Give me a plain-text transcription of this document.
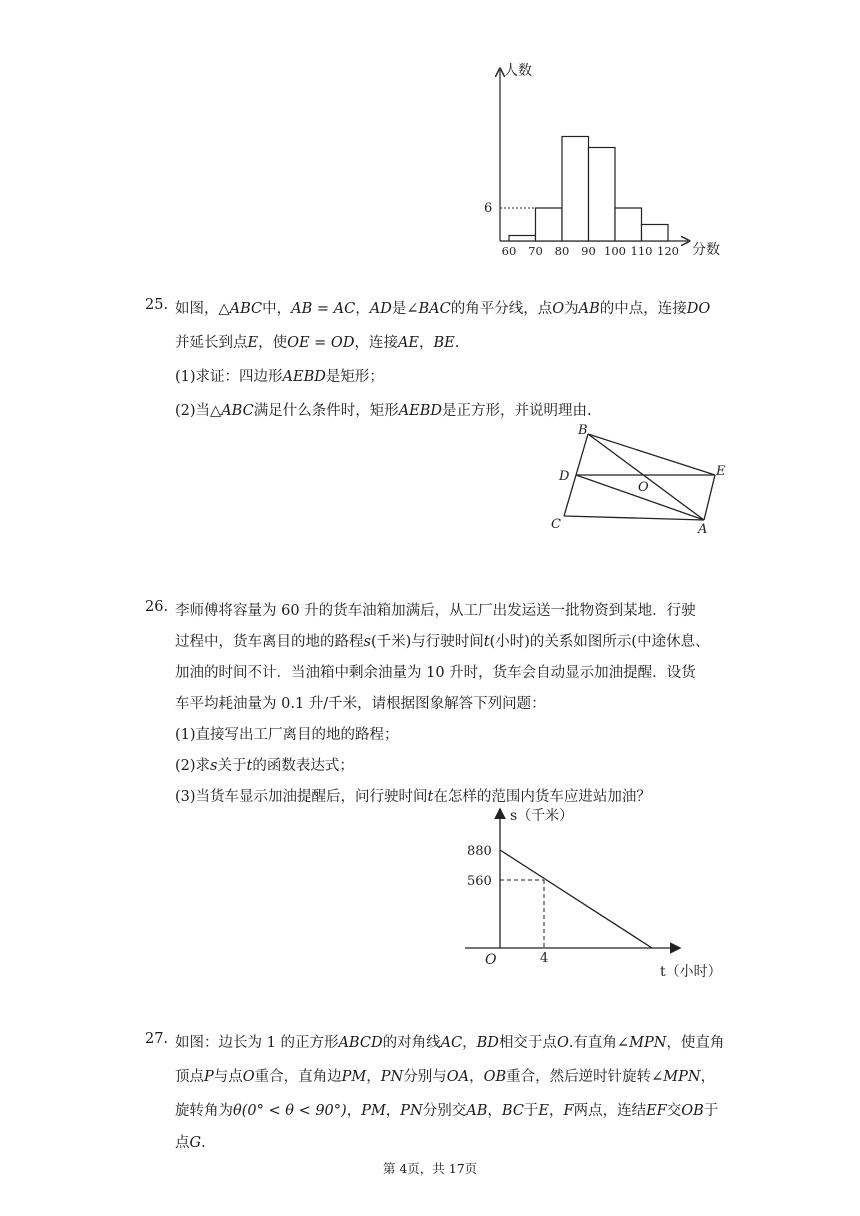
人数
分数
6
60 70 80 90 100 110 120
25. 如图，△ABC中，AB = AC，AD是∠BAC的角平分线，点O为AB的中点，连接DO
并延长到点E，使OE = OD，连接AE，BE.
(1)求证：四边形AEBD是矩形；
(2)当△ABC满足什么条件时，矩形AEBD是正方形，并说明理由.
B
D
O
E
C	A
26. 李师傅将容量为 60 升的货车油箱加满后，从工厂出发运送一批物资到某地．行驶
过程中，货车离目的地的路程s(千米)与行驶时间t(小时)的关系如图所示(中途休息、
加油的时间不计．当油箱中剩余油量为 10 升时，货车会自动显示加油提醒．设货
车平均耗油量为 0.1 升/千米，请根据图象解答下列问题：
(1)直接写出工厂离目的地的路程；
(2)求s关于t的函数表达式；
(3)当货车显示加油提醒后，问行驶时间t在怎样的范围内货车应进站加油？
s（千米）
t（小时）
O
880
560
4
27. 如图：边长为 1 的正方形ABCD的对角线AC，BD相交于点O.有直角∠MPN，使直角
顶点P与点O重合，直角边PM，PN分别与OA，OB重合，然后逆时针旋转∠MPN，
旋转角为θ(0° < θ < 90°)，PM，PN分别交AB，BC于E，F两点，连结EF交OB于
点G.
第 4页，共 17页
